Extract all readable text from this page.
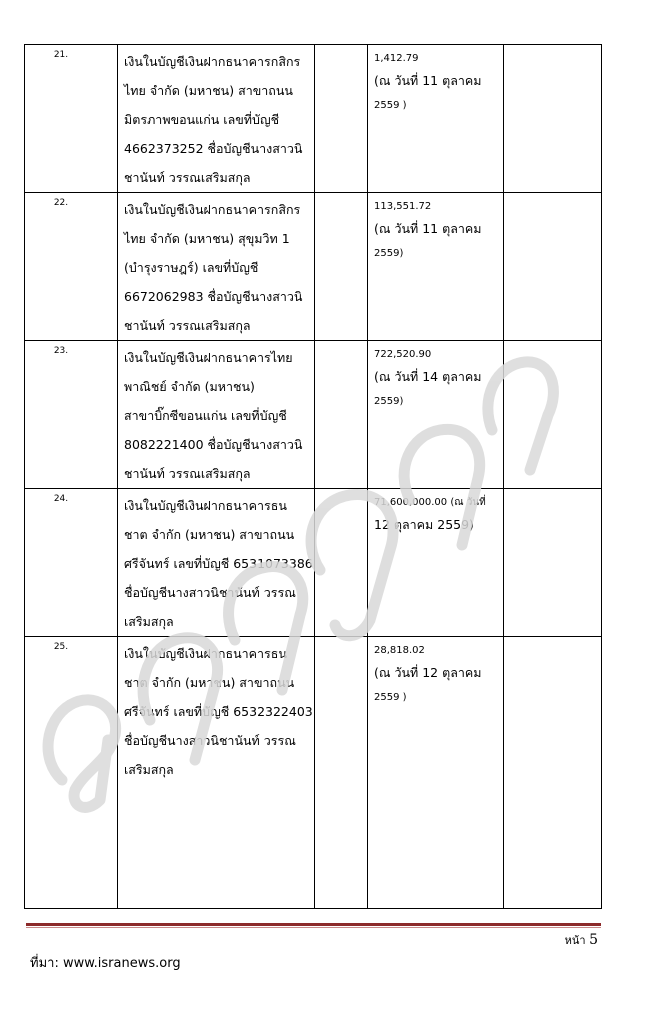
21.	เงินในบัญชีเงินฝากธนาคารกสิกร
ไทย จำกัด (มหาชน) สาขาถนน
มิตรภาพขอนแก่น เลขที่บัญชี
4662373252 ชื่อบัญชีนางสาวนิ
ชานันท์ วรรณเสริมสกุล		1,412.79
(ณ วันที่ 11 ตุลาคม
2559 )	

22.	เงินในบัญชีเงินฝากธนาคารกสิกร
ไทย จำกัด (มหาชน) สุขุมวิท 1
(บำรุงราษฎร์) เลขที่บัญชี
6672062983 ชื่อบัญชีนางสาวนิ
ชานันท์ วรรณเสริมสกุล		113,551.72
(ณ วันที่ 11 ตุลาคม
2559)	

23.	เงินในบัญชีเงินฝากธนาคารไทย
พาณิชย์ จำกัด (มหาชน)
สาขาบิ๊กซีขอนแก่น เลขที่บัญชี
8082221400 ชื่อบัญชีนางสาวนิ
ชานันท์ วรรณเสริมสกุล		722,520.90
(ณ วันที่ 14 ตุลาคม
2559)	

24.	เงินในบัญชีเงินฝากธนาคารธน
ชาต จำกัก (มหาชน) สาขาถนน
ศรีจันทร์ เลขที่บัญชี 6531073386
ชื่อบัญชีนางสาวนิชานันท์ วรรณ
เสริมสกุล		71,600,000.00 (ณ วันที่
12 ตุลาคม 2559)	

25.	เงินในบัญชีเงินฝากธนาคารธน
ชาต จำกัก (มหาชน) สาขาถนน
ศรีจันทร์ เลขที่บัญชี 6532322403
ชื่อบัญชีนางสาวนิชานันท์ วรรณ
เสริมสกุล		28,818.02
(ณ วันที่ 12 ตุลาคม
2559 )	

หน้า 5
ที่มา: www.isranews.org
สำนักงานกฎหมาย
